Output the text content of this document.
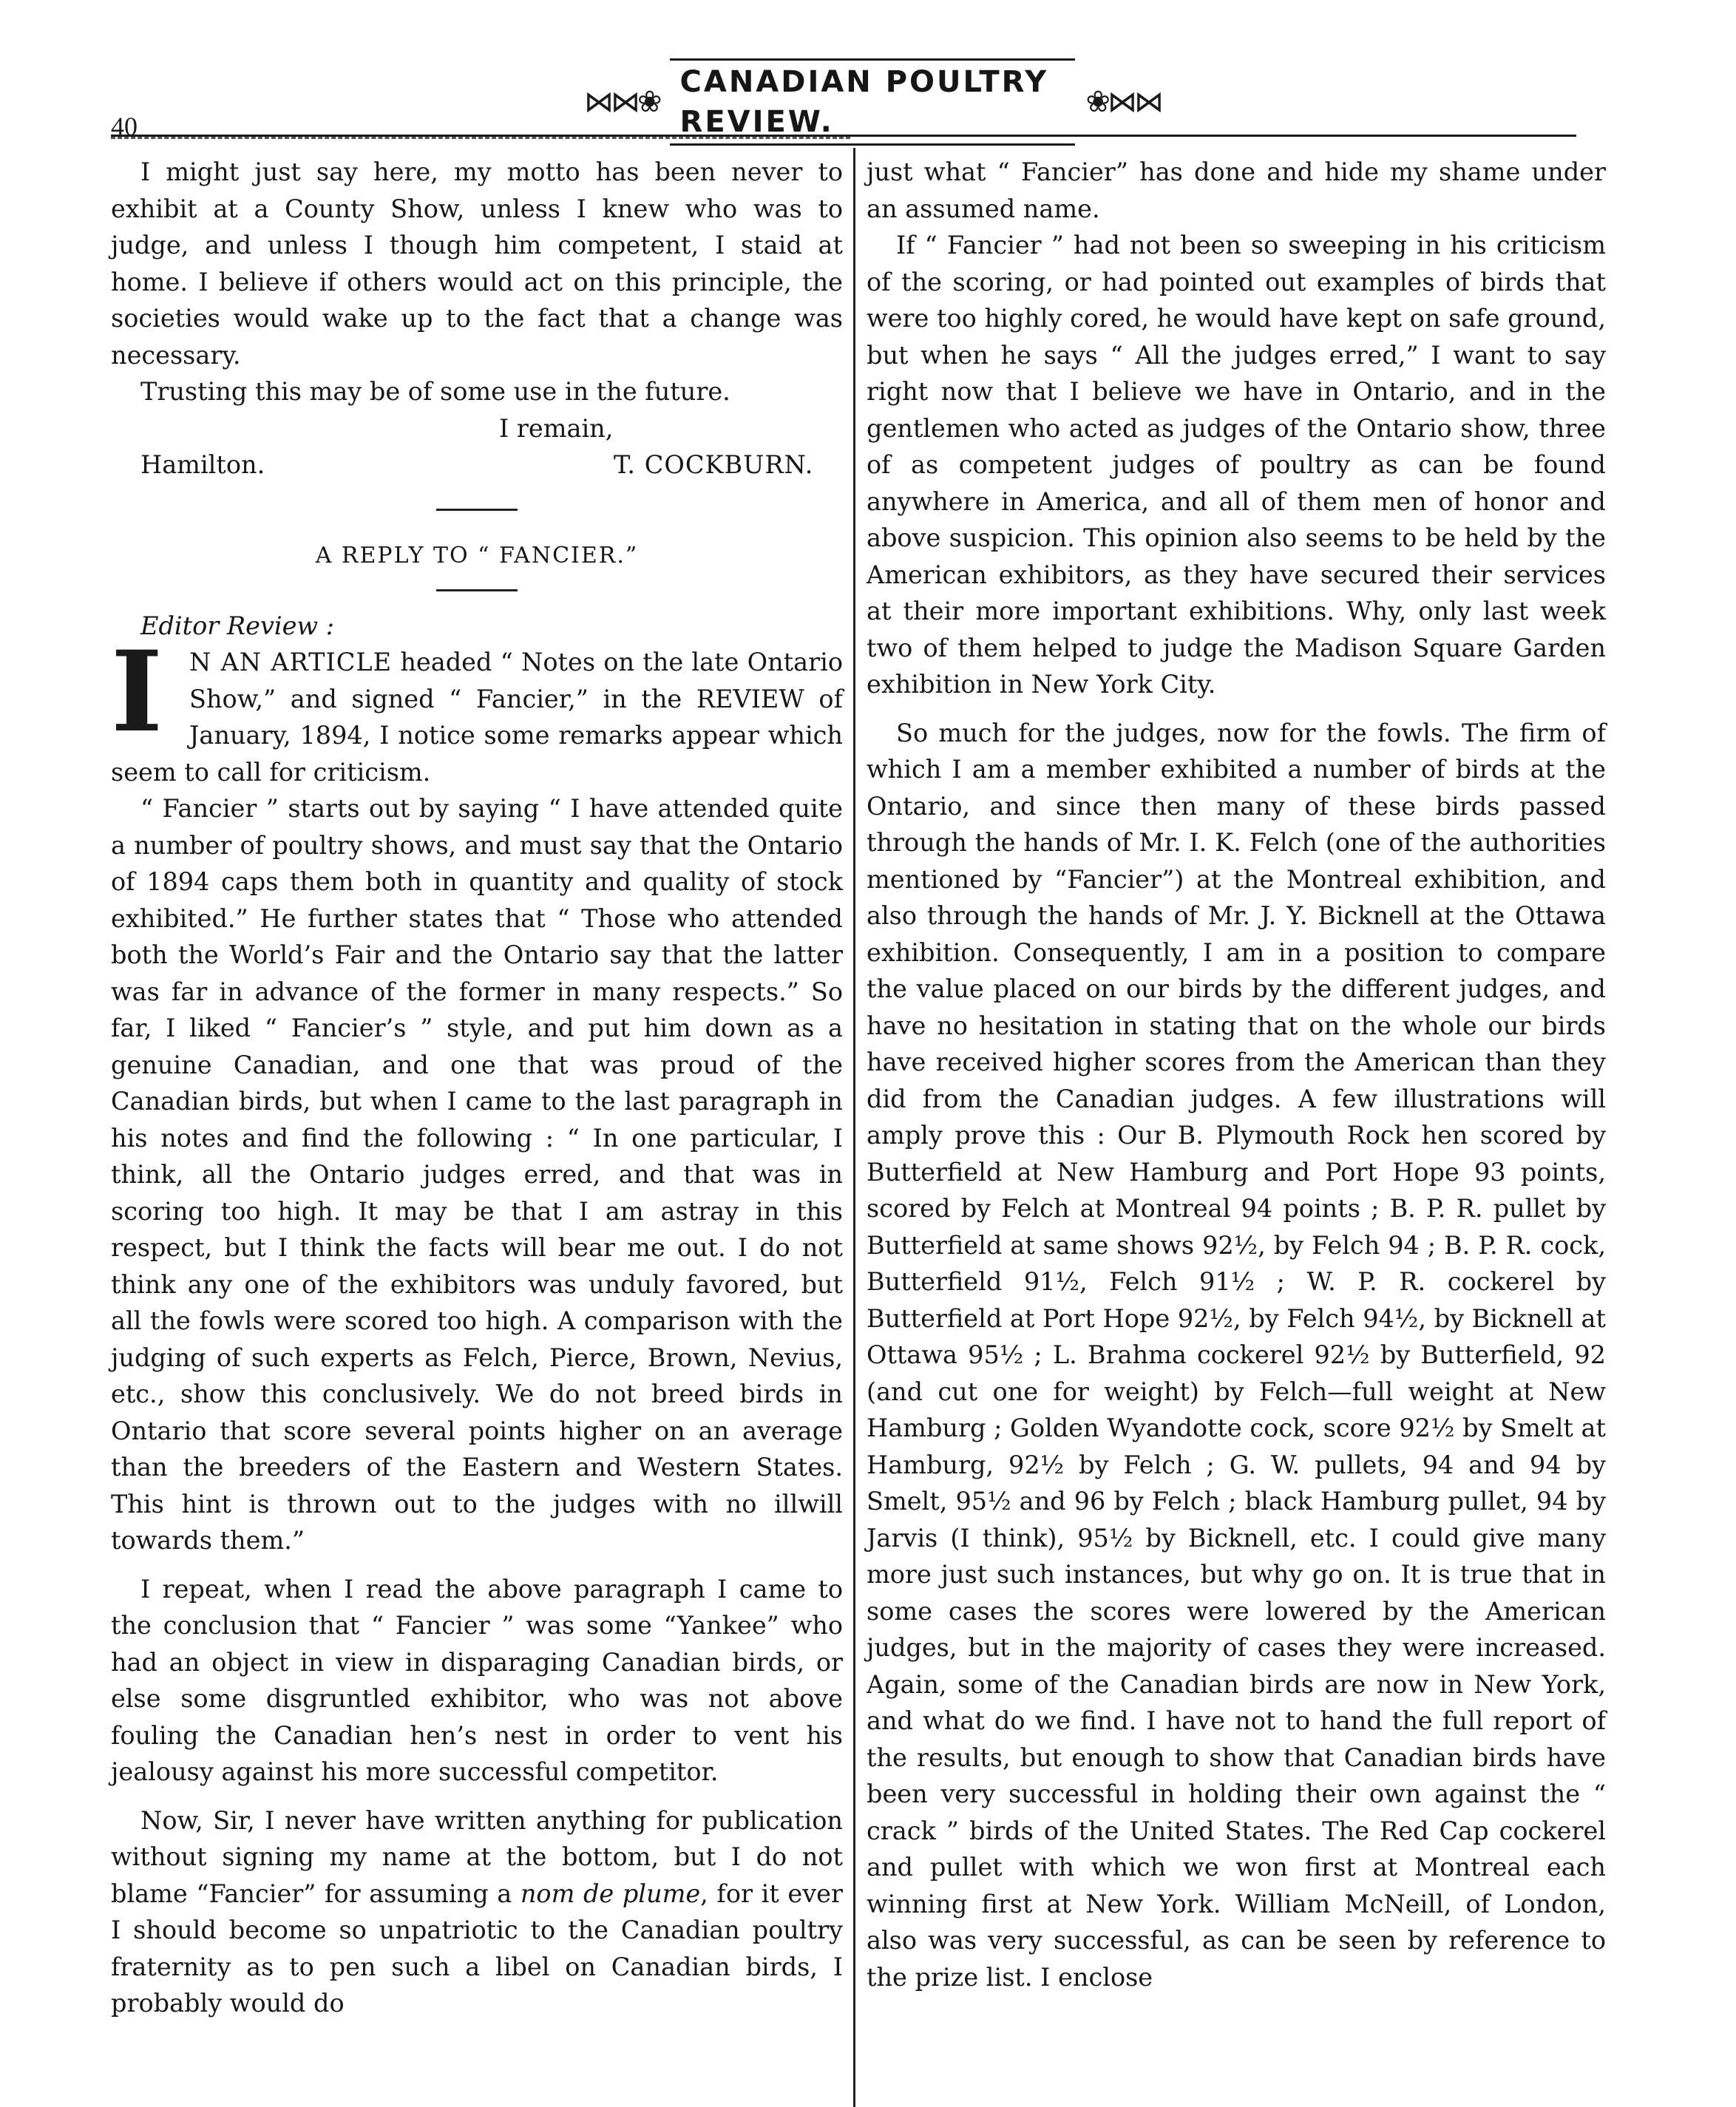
40
⋈⋈❀
CANADIAN POULTRY REVIEW.
❀⋈⋈

I might just say here, my motto has been never to exhibit at a County Show, unless I knew who was to judge, and unless I though him competent, I staid at home. I believe if others would act on this principle, the societies would wake up to the fact that a change was necessary.

Trusting this may be of some use in the future.

I remain,
Hamilton.	T. COCKBURN.
A REPLY TO “ FANCIER.”

Editor Review :

I	N AN ARTICLE headed “ Notes on the late Ontario Show,” and signed “ Fancier,” in the REVIEW of January, 1894, I notice some remarks appear which seem to call for criticism.

“ Fancier ” starts out by saying “ I have attended quite a number of poultry shows, and must say that the Ontario of 1894 caps them both in quantity and quality of stock exhibited.” He further states that “ Those who attended both the World’s Fair and the Ontario say that the latter was far in advance of the former in many respects.” So far, I liked “ Fancier’s ” style, and put him down as a genuine Canadian, and one that was proud of the Canadian birds, but when I came to the last paragraph in his notes and find the following : “ In one particular, I think, all the Ontario judges erred, and that was in scoring too high. It may be that I am astray in this respect, but I think the facts will bear me out. I do not think any one of the exhibitors was unduly favored, but all the fowls were scored too high. A comparison with the judging of such experts as Felch, Pierce, Brown, Nevius, etc., show this conclusively. We do not breed birds in Ontario that score several points higher on an average than the breeders of the Eastern and Western States. This hint is thrown out to the judges with no illwill towards them.”

I repeat, when I read the above paragraph I came to the conclusion that “ Fancier ” was some “Yankee” who had an object in view in disparaging Canadian birds, or else some disgruntled exhibitor, who was not above fouling the Canadian hen’s nest in order to vent his jealousy against his more successful competitor.

Now, Sir, I never have written anything for publication without signing my name at the bottom, but I do not blame “Fancier” for assuming a nom de plume, for it ever I should become so unpatriotic to the Canadian poultry fraternity as to pen such a libel on Canadian birds, I probably would do

just what “ Fancier” has done and hide my shame under an assumed name.

If “ Fancier ” had not been so sweeping in his criticism of the scoring, or had pointed out examples of birds that were too highly cored, he would have kept on safe ground, but when he says “ All the judges erred,” I want to say right now that I believe we have in Ontario, and in the gentlemen who acted as judges of the Ontario show, three of as competent judges of poultry as can be found anywhere in America, and all of them men of honor and above suspicion. This opinion also seems to be held by the American exhibitors, as they have secured their services at their more important exhibitions. Why, only last week two of them helped to judge the Madison Square Garden exhibition in New York City.

So much for the judges, now for the fowls. The firm of which I am a member exhibited a number of birds at the Ontario, and since then many of these birds passed through the hands of Mr. I. K. Felch (one of the authorities mentioned by “Fancier”) at the Montreal exhibition, and also through the hands of Mr. J. Y. Bicknell at the Ottawa exhibition. Consequently, I am in a position to compare the value placed on our birds by the different judges, and have no hesitation in stating that on the whole our birds have received higher scores from the American than they did from the Canadian judges. A few illustrations will amply prove this : Our B. Plymouth Rock hen scored by Butterfield at New Hamburg and Port Hope 93 points, scored by Felch at Montreal 94 points ; B. P. R. pullet by Butterfield at same shows 92½, by Felch 94 ; B. P. R. cock, Butterfield 91½, Felch 91½ ; W. P. R. cockerel by Butterfield at Port Hope 92½, by Felch 94½, by Bicknell at Ottawa 95½ ; L. Brahma cockerel 92½ by Butterfield, 92 (and cut one for weight) by Felch—full weight at New Hamburg ; Golden Wyandotte cock, score 92½ by Smelt at Hamburg, 92½ by Felch ; G. W. pullets, 94 and 94 by Smelt, 95½ and 96 by Felch ; black Hamburg pullet, 94 by Jarvis (I think), 95½ by Bicknell, etc. I could give many more just such instances, but why go on. It is true that in some cases the scores were lowered by the American judges, but in the majority of cases they were increased. Again, some of the Canadian birds are now in New York, and what do we find. I have not to hand the full report of the results, but enough to show that Canadian birds have been very successful in holding their own against the “ crack ” birds of the United States. The Red Cap cockerel and pullet with which we won first at Montreal each winning first at New York. William McNeill, of London, also was very successful, as can be seen by reference to the prize list. I enclose
